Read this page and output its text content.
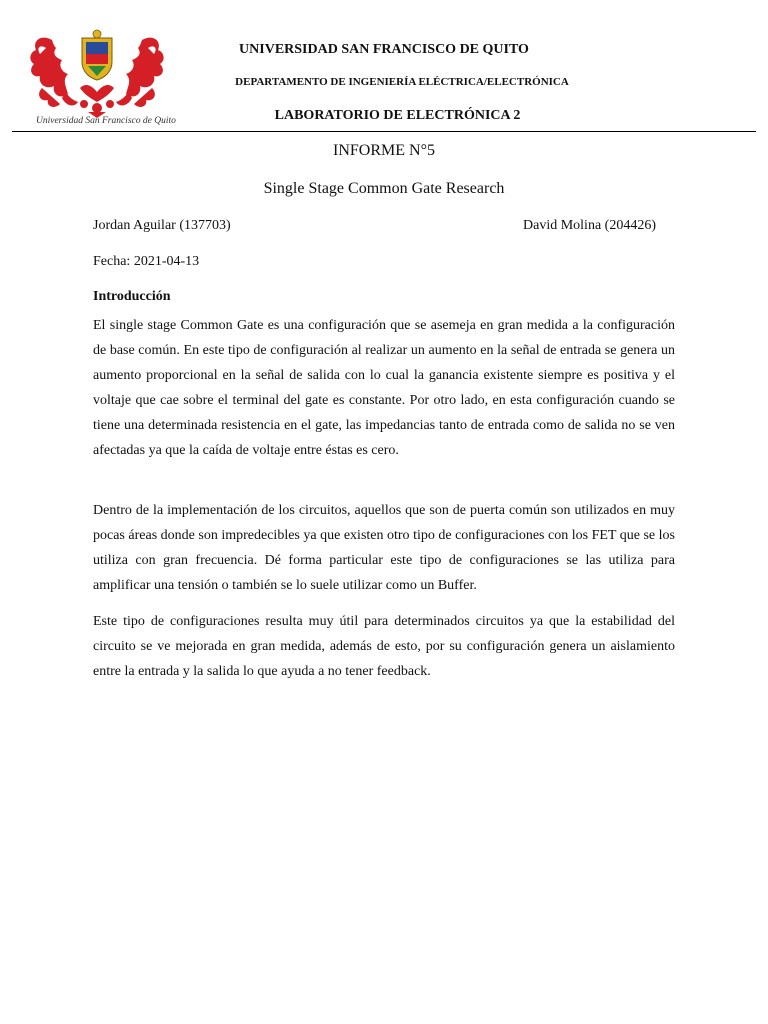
Universidad San Francisco de Quito
UNIVERSIDAD SAN FRANCISCO DE QUITO
DEPARTAMENTO DE INGENIERÍA ELÉCTRICA/ELECTRÓNICA
LABORATORIO DE ELECTRÓNICA 2
INFORME N°5
Single Stage Common Gate Research
Jordan Aguilar (137703)	David Molina (204426)
Fecha: 2021-04-13
Introducción

El single stage Common Gate es una configuración que se asemeja en gran medida a la configuración de base común. En este tipo de configuración al realizar un aumento en la señal de entrada se genera un aumento proporcional en la señal de salida con lo cual la ganancia existente siempre es positiva y el voltaje que cae sobre el terminal del gate es constante. Por otro lado, en esta configuración cuando se tiene una determinada resistencia en el gate, las impedancias tanto de entrada como de salida no se ven afectadas ya que la caída de voltaje entre éstas es cero.

Dentro de la implementación de los circuitos, aquellos que son de puerta común son utilizados en muy pocas áreas donde son impredecibles ya que existen otro tipo de configuraciones con los FET que se los utiliza con gran frecuencia. Dé forma particular este tipo de configuraciones se las utiliza para amplificar una tensión o también se lo suele utilizar como un Buffer.

Este tipo de configuraciones resulta muy útil para determinados circuitos ya que la estabilidad del circuito se ve mejorada en gran medida, además de esto, por su configuración genera un aislamiento entre la entrada y la salida lo que ayuda a no tener feedback.
